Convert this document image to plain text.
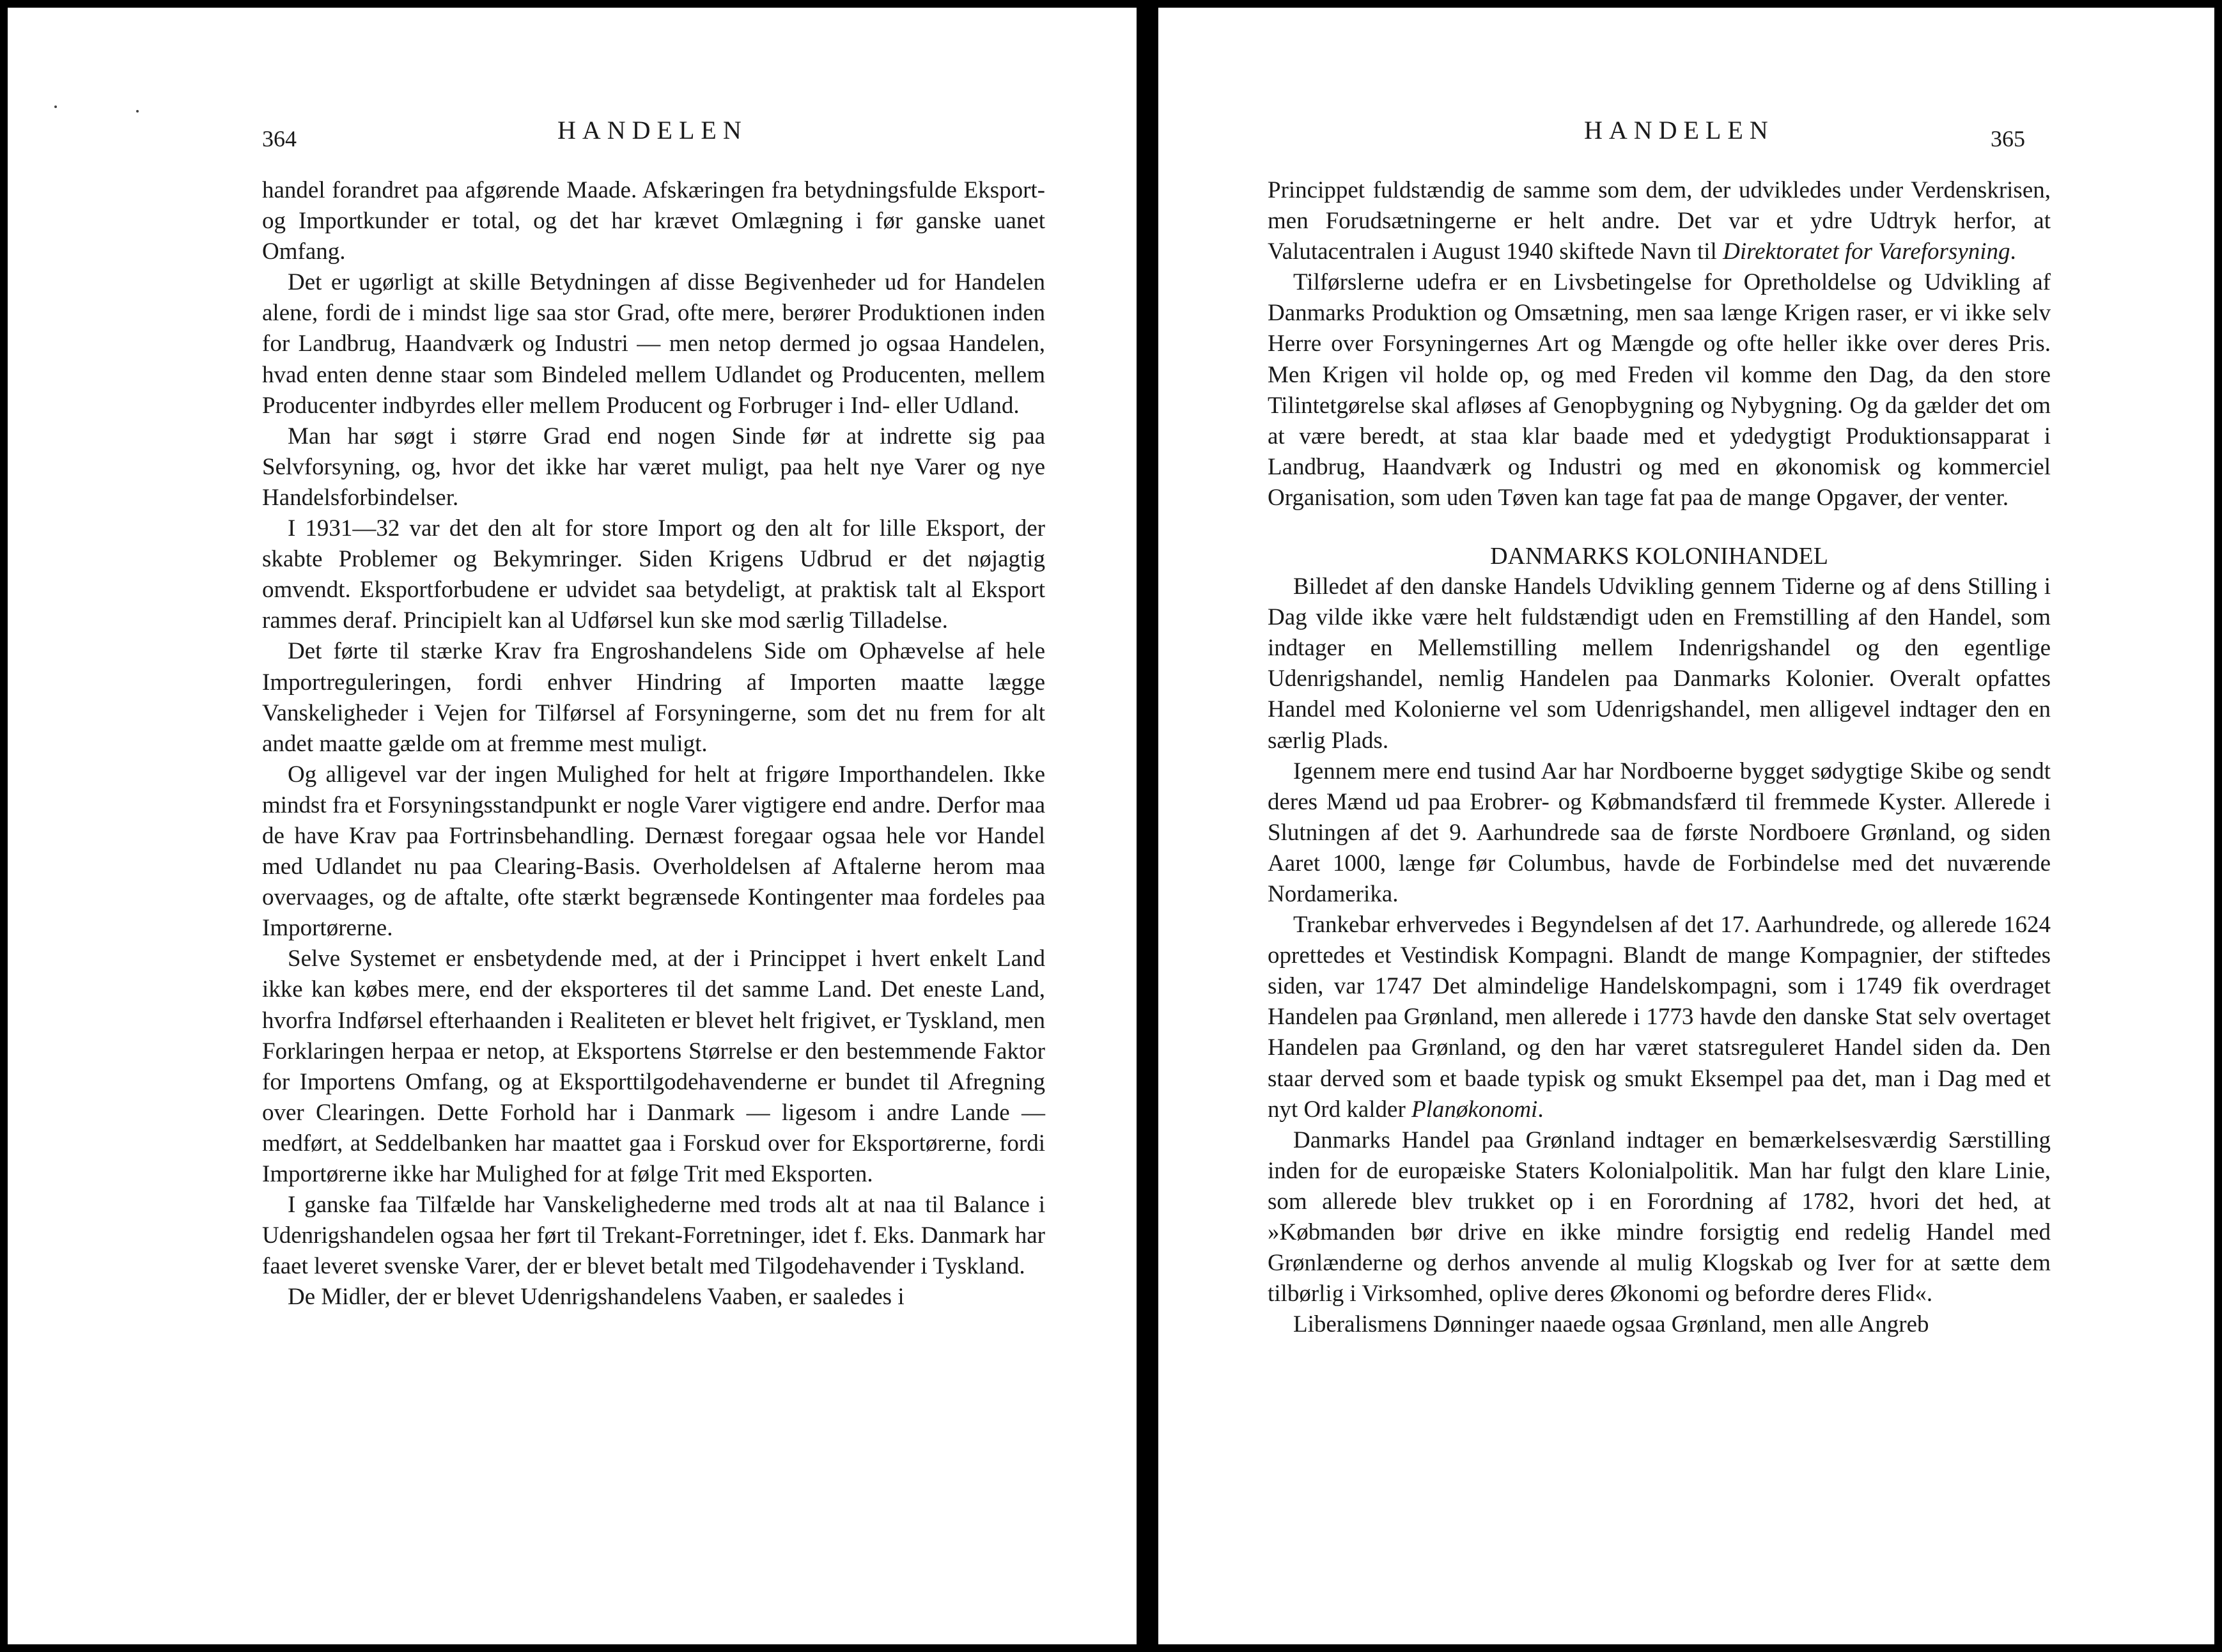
364	HANDELEN

handel forandret paa afgørende Maade. Afskæringen fra betydningsfulde Eksport- og Importkunder er total, og det har krævet Omlægning i før ganske uanet Omfang.

Det er ugørligt at skille Betydningen af disse Begivenheder ud for Handelen alene, fordi de i mindst lige saa stor Grad, ofte mere, berører Produktionen inden for Landbrug, Haandværk og Industri — men netop dermed jo ogsaa Handelen, hvad enten denne staar som Bindeled mellem Udlandet og Producenten, mellem Producenter indbyrdes eller mellem Producent og Forbruger i Ind- eller Udland.

Man har søgt i større Grad end nogen Sinde før at indrette sig paa Selvforsyning, og, hvor det ikke har været muligt, paa helt nye Varer og nye Handelsforbindelser.

I 1931—32 var det den alt for store Import og den alt for lille Eksport, der skabte Problemer og Bekymringer. Siden Krigens Udbrud er det nøjagtig omvendt. Eksportforbudene er udvidet saa betydeligt, at praktisk talt al Eksport rammes deraf. Principielt kan al Udførsel kun ske mod særlig Tilladelse.

Det førte til stærke Krav fra Engroshandelens Side om Ophævelse af hele Importreguleringen, fordi enhver Hindring af Importen maatte lægge Vanskeligheder i Vejen for Tilførsel af Forsyningerne, som det nu frem for alt andet maatte gælde om at fremme mest muligt.

Og alligevel var der ingen Mulighed for helt at frigøre Importhandelen. Ikke mindst fra et Forsyningsstandpunkt er nogle Varer vigtigere end andre. Derfor maa de have Krav paa Fortrinsbehandling. Dernæst foregaar ogsaa hele vor Handel med Udlandet nu paa Clearing-Basis. Overholdelsen af Aftalerne herom maa overvaages, og de aftalte, ofte stærkt begrænsede Kontingenter maa fordeles paa Importørerne.

Selve Systemet er ensbetydende med, at der i Princippet i hvert enkelt Land ikke kan købes mere, end der eksporteres til det samme Land. Det eneste Land, hvorfra Indførsel efterhaanden i Realiteten er blevet helt frigivet, er Tyskland, men Forklaringen herpaa er netop, at Eksportens Størrelse er den bestemmende Faktor for Importens Omfang, og at Eksporttilgodehavenderne er bundet til Afregning over Clearingen. Dette Forhold har i Danmark — ligesom i andre Lande — medført, at Seddelbanken har maattet gaa i Forskud over for Eksportørerne, fordi Importørerne ikke har Mulighed for at følge Trit med Eksporten.

I ganske faa Tilfælde har Vanskelighederne med trods alt at naa til Balance i Udenrigshandelen ogsaa her ført til Trekant-Forretninger, idet f. Eks. Danmark har faaet leveret svenske Varer, der er blevet betalt med Tilgodehavender i Tyskland.

De Midler, der er blevet Udenrigshandelens Vaaben, er saaledes i

HANDELEN	365

Princippet fuldstændig de samme som dem, der udvikledes under Verdenskrisen, men Forudsætningerne er helt andre. Det var et ydre Udtryk herfor, at Valutacentralen i August 1940 skiftede Navn til Direktoratet for Vareforsyning.

Tilførslerne udefra er en Livsbetingelse for Opretholdelse og Udvikling af Danmarks Produktion og Omsætning, men saa længe Krigen raser, er vi ikke selv Herre over Forsyningernes Art og Mængde og ofte heller ikke over deres Pris. Men Krigen vil holde op, og med Freden vil komme den Dag, da den store Tilintetgørelse skal afløses af Genopbygning og Nybygning. Og da gælder det om at være beredt, at staa klar baade med et ydedygtigt Produktionsapparat i Landbrug, Haandværk og Industri og med en økonomisk og kommerciel Organisation, som uden Tøven kan tage fat paa de mange Opgaver, der venter.

DANMARKS KOLONIHANDEL

Billedet af den danske Handels Udvikling gennem Tiderne og af dens Stilling i Dag vilde ikke være helt fuldstændigt uden en Fremstilling af den Handel, som indtager en Mellemstilling mellem Indenrigshandel og den egentlige Udenrigshandel, nemlig Handelen paa Danmarks Kolonier. Overalt opfattes Handel med Kolonierne vel som Udenrigshandel, men alligevel indtager den en særlig Plads.

Igennem mere end tusind Aar har Nordboerne bygget sødygtige Skibe og sendt deres Mænd ud paa Erobrer- og Købmandsfærd til fremmede Kyster. Allerede i Slutningen af det 9. Aarhundrede saa de første Nordboere Grønland, og siden Aaret 1000, længe før Columbus, havde de Forbindelse med det nuværende Nordamerika.

Trankebar erhvervedes i Begyndelsen af det 17. Aarhundrede, og allerede 1624 oprettedes et Vestindisk Kompagni. Blandt de mange Kompagnier, der stiftedes siden, var 1747 Det almindelige Handelskompagni, som i 1749 fik overdraget Handelen paa Grønland, men allerede i 1773 havde den danske Stat selv overtaget Handelen paa Grønland, og den har været statsreguleret Handel siden da. Den staar derved som et baade typisk og smukt Eksempel paa det, man i Dag med et nyt Ord kalder Planøkonomi.

Danmarks Handel paa Grønland indtager en bemærkelsesværdig Særstilling inden for de europæiske Staters Kolonialpolitik. Man har fulgt den klare Linie, som allerede blev trukket op i en Forordning af 1782, hvori det hed, at »Købmanden bør drive en ikke mindre forsigtig end redelig Handel med Grønlænderne og derhos anvende al mulig Klogskab og Iver for at sætte dem tilbørlig i Virksomhed, oplive deres Økonomi og befordre deres Flid«.

Liberalismens Dønninger naaede ogsaa Grønland, men alle Angreb
